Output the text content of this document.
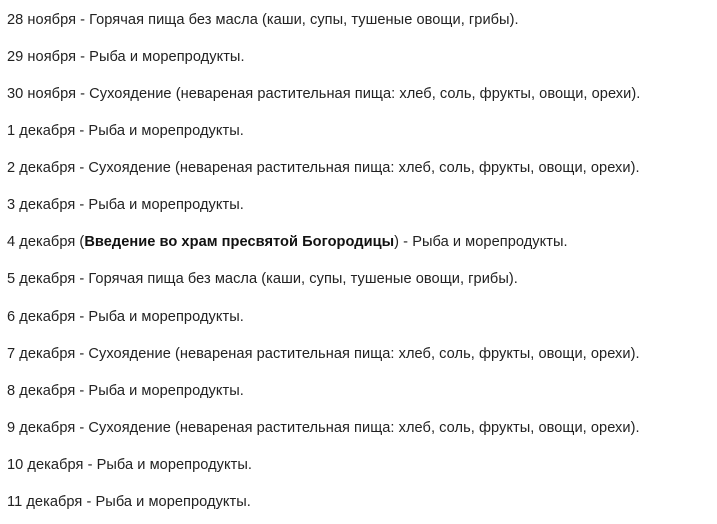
28 ноября - Горячая пища без масла (каши, супы, тушеные овощи, грибы).
29 ноября - Рыба и морепродукты.
30 ноября - Сухоядение (невареная растительная пища: хлеб, соль, фрукты, овощи, орехи).
1 декабря - Рыба и морепродукты.
2 декабря - Сухоядение (невареная растительная пища: хлеб, соль, фрукты, овощи, орехи).
3 декабря - Рыба и морепродукты.
4 декабря (Введение во храм пресвятой Богородицы) - Рыба и морепродукты.
5 декабря - Горячая пища без масла (каши, супы, тушеные овощи, грибы).
6 декабря - Рыба и морепродукты.
7 декабря - Сухоядение (невареная растительная пища: хлеб, соль, фрукты, овощи, орехи).
8 декабря - Рыба и морепродукты.
9 декабря - Сухоядение (невареная растительная пища: хлеб, соль, фрукты, овощи, орехи).
10 декабря - Рыба и морепродукты.
11 декабря - Рыба и морепродукты.
